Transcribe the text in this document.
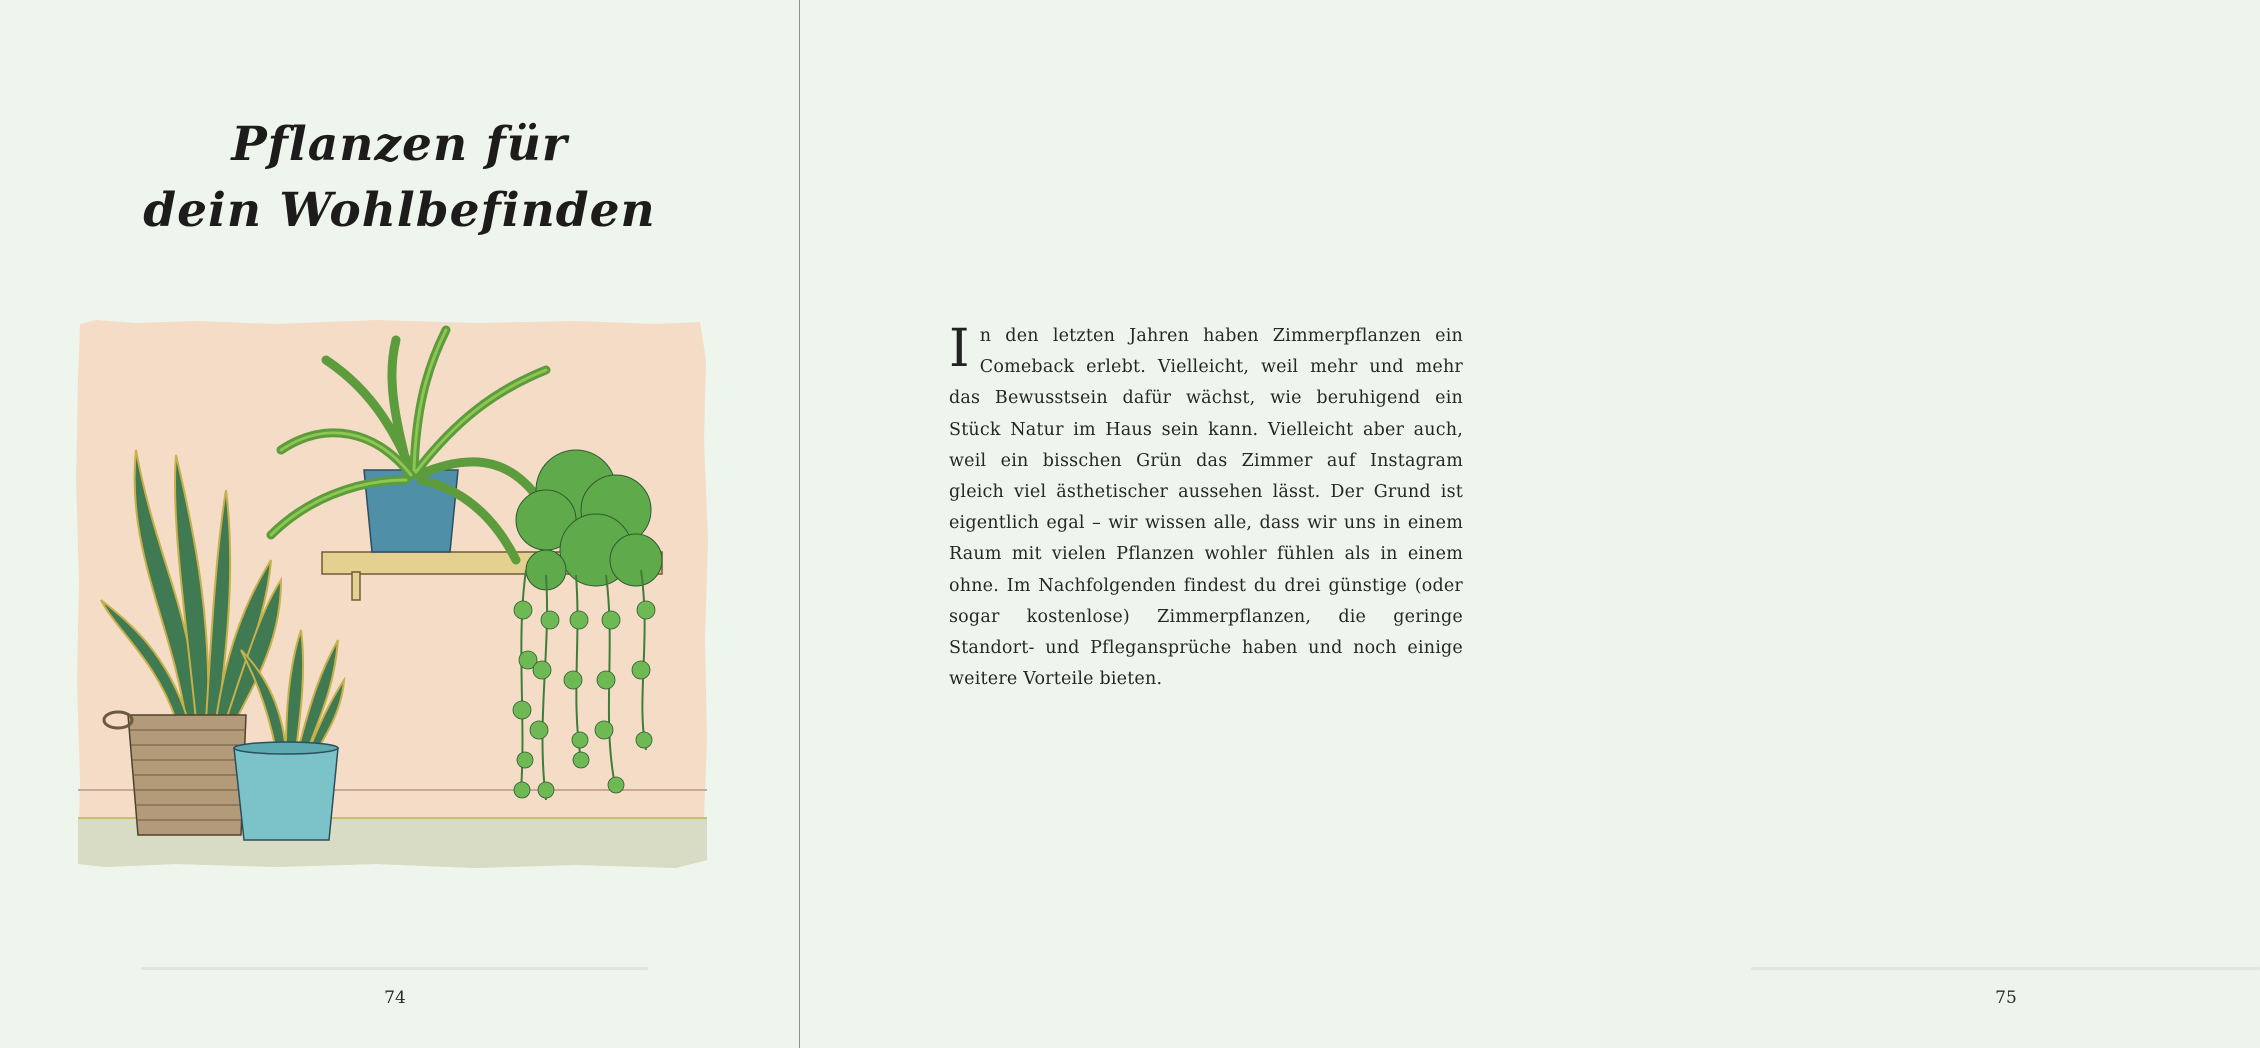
Pflanzen für
dein Wohlbefinden
74	75

In den letzten Jahren haben Zimmerpflanzen ein Comeback erlebt. Vielleicht, weil mehr und mehr das Bewusstsein dafür wächst, wie beruhigend ein Stück Natur im Haus sein kann. Vielleicht aber auch, weil ein bisschen Grün das Zimmer auf Instagram gleich viel ästhetischer aussehen lässt. Der Grund ist eigentlich egal – wir wissen alle, dass wir uns in einem Raum mit vielen Pflanzen wohler fühlen als in einem ohne. Im Nachfolgenden findest du drei günstige (oder sogar kostenlose) Zimmerpflanzen, die geringe Standort- und Pflegansprüche haben und noch einige weitere Vorteile bieten.
